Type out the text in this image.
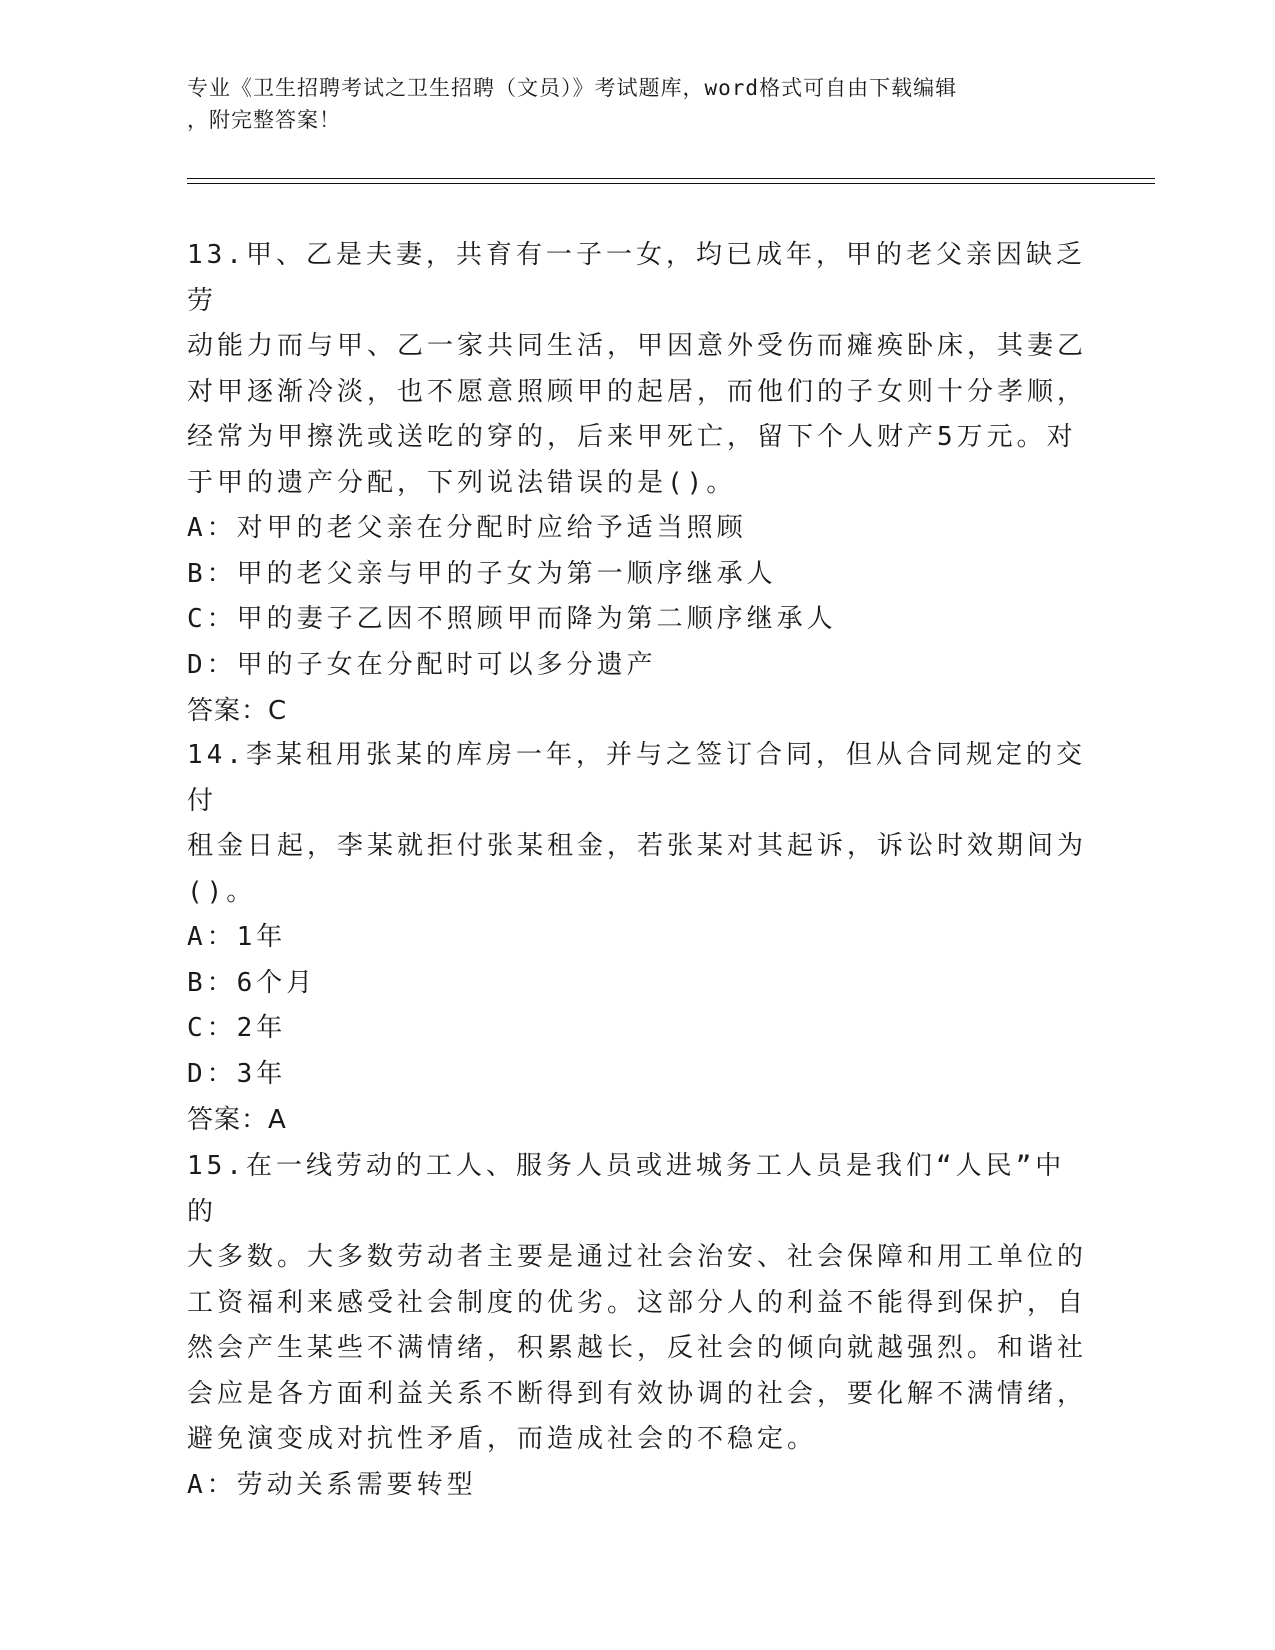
专业《卫生招聘考试之卫生招聘（文员）》考试题库，word格式可自由下载编辑
，附完整答案！

13.甲、乙是夫妻，共育有一子一女，均已成年，甲的老父亲因缺乏劳

动能力而与甲、乙一家共同生活，甲因意外受伤而瘫痪卧床，其妻乙

对甲逐渐冷淡，也不愿意照顾甲的起居，而他们的子女则十分孝顺，

经常为甲擦洗或送吃的穿的，后来甲死亡，留下个人财产5万元。对

于甲的遗产分配，下列说法错误的是()。

A：对甲的老父亲在分配时应给予适当照顾

B：甲的老父亲与甲的子女为第一顺序继承人

C：甲的妻子乙因不照顾甲而降为第二顺序继承人

D：甲的子女在分配时可以多分遗产

答案：C

14.李某租用张某的库房一年，并与之签订合同，但从合同规定的交付

租金日起，李某就拒付张某租金，若张某对其起诉，诉讼时效期间为

()。

A：1年

B：6个月

C：2年

D：3年

答案：A

15.在一线劳动的工人、服务人员或进城务工人员是我们“人民”中的

大多数。大多数劳动者主要是通过社会治安、社会保障和用工单位的

工资福利来感受社会制度的优劣。这部分人的利益不能得到保护，自

然会产生某些不满情绪，积累越长，反社会的倾向就越强烈。和谐社

会应是各方面利益关系不断得到有效协调的社会，要化解不满情绪，

避免演变成对抗性矛盾，而造成社会的不稳定。

A：劳动关系需要转型
